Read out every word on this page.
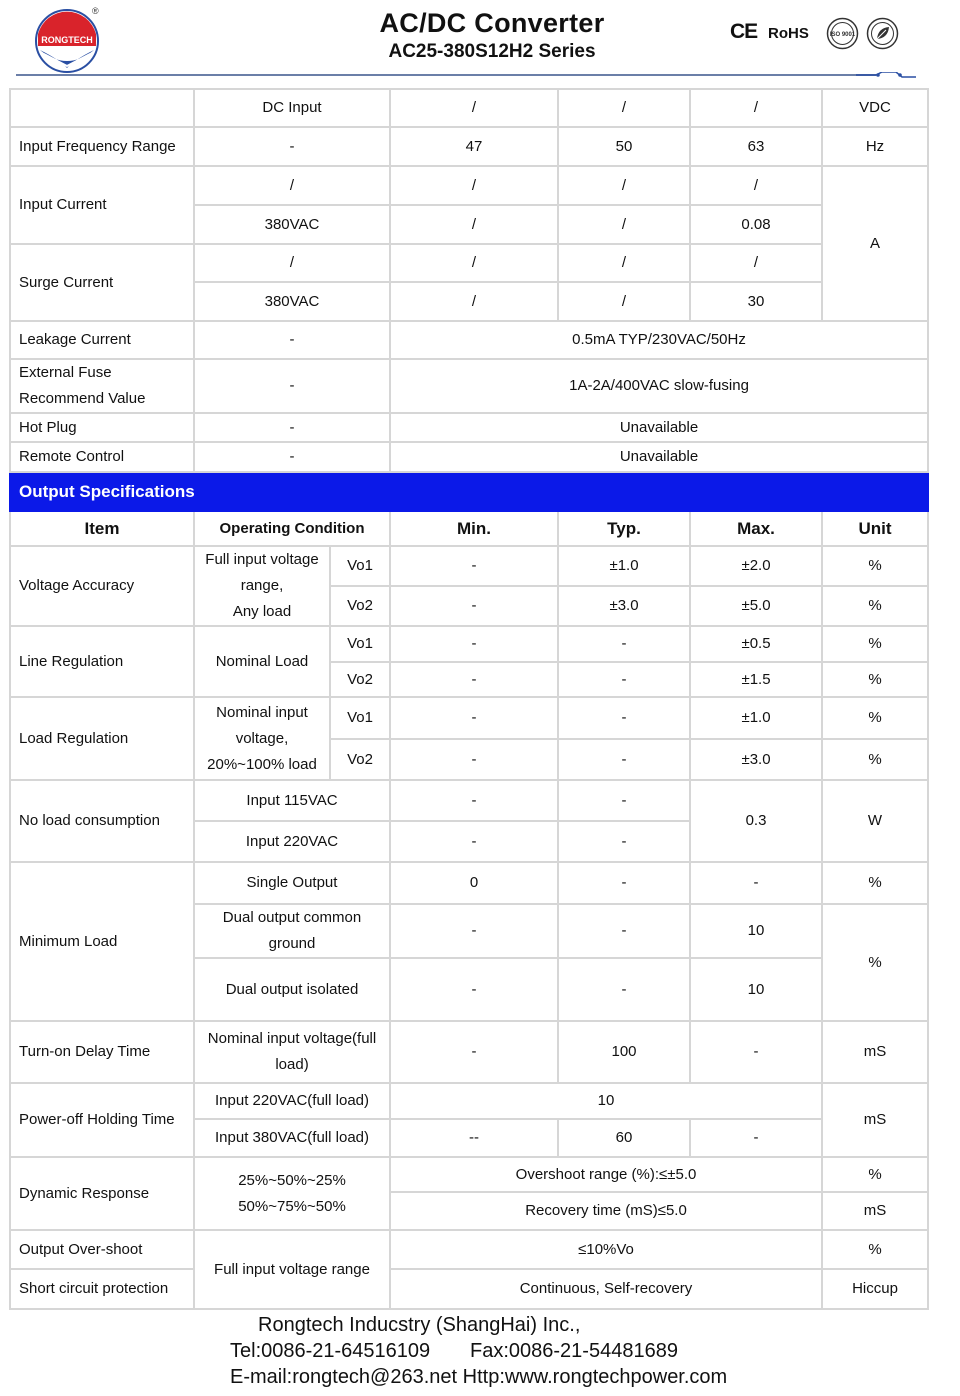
RONGTECH
®	AC/DC Converter
AC25-380S12H2 Series
CE RoHS	ISO 9001
	DC Input		/	/	/	VDC
Input Frequency Range	-		47	50	63	Hz
Input Current	/		/	/	/	A
	380VAC		/	/	0.08	
Surge Current	/		/	/	/	
	380VAC		/	/	30	
Leakage Current	-		0.5mA TYP/230VAC/50Hz			

External Fuse
Recommend Value	-		1A-2A/400VAC slow-fusing			
Hot Plug	-		Unavailable			
Remote Control	-		Unavailable			
Output Specifications						
Item	Operating Condition		Min.	Typ.	Max.	Unit
Voltage Accuracy	Full input voltage
range,
Any load	Vo1	-	±1.0	±2.0	%
		Vo2	-	±3.0	±5.0	%
Line Regulation	Nominal Load	Vo1	-	-	±0.5	%
		Vo2	-	-	±1.5	%
Load Regulation	Nominal input
voltage,
20%~100% load	Vo1	-	-	±1.0	%
		Vo2	-	-	±3.0	%
No load consumption	Input 115VAC		-	-	0.3	W
	Input 220VAC		-	-		
Minimum Load	Single Output		0	-	-	%

	Dual output common
ground		-	-	10	%
	Dual output isolated		-	-	10	
Turn-on Delay Time	Nominal input voltage(full
load)		-	100	-	mS
Power-off Holding Time	Input 220VAC(full load)		10			mS
	Input 380VAC(full load)		--	60	-	
Dynamic Response	25%~50%~25%
50%~75%~50%		Overshoot range (%):≤±5.0			%
			Recovery time (mS)≤5.0			mS
Output Over-shoot	Full input voltage range		≤10%Vo			%
Short circuit protection			Continuous, Self-recovery			Hiccup
Rongtech Inducstry (ShangHai) Inc.,
Tel:0086-21-64516109 Fax:0086-21-54481689
E-mail:rongtech@263.net Http:www.rongtechpower.com
